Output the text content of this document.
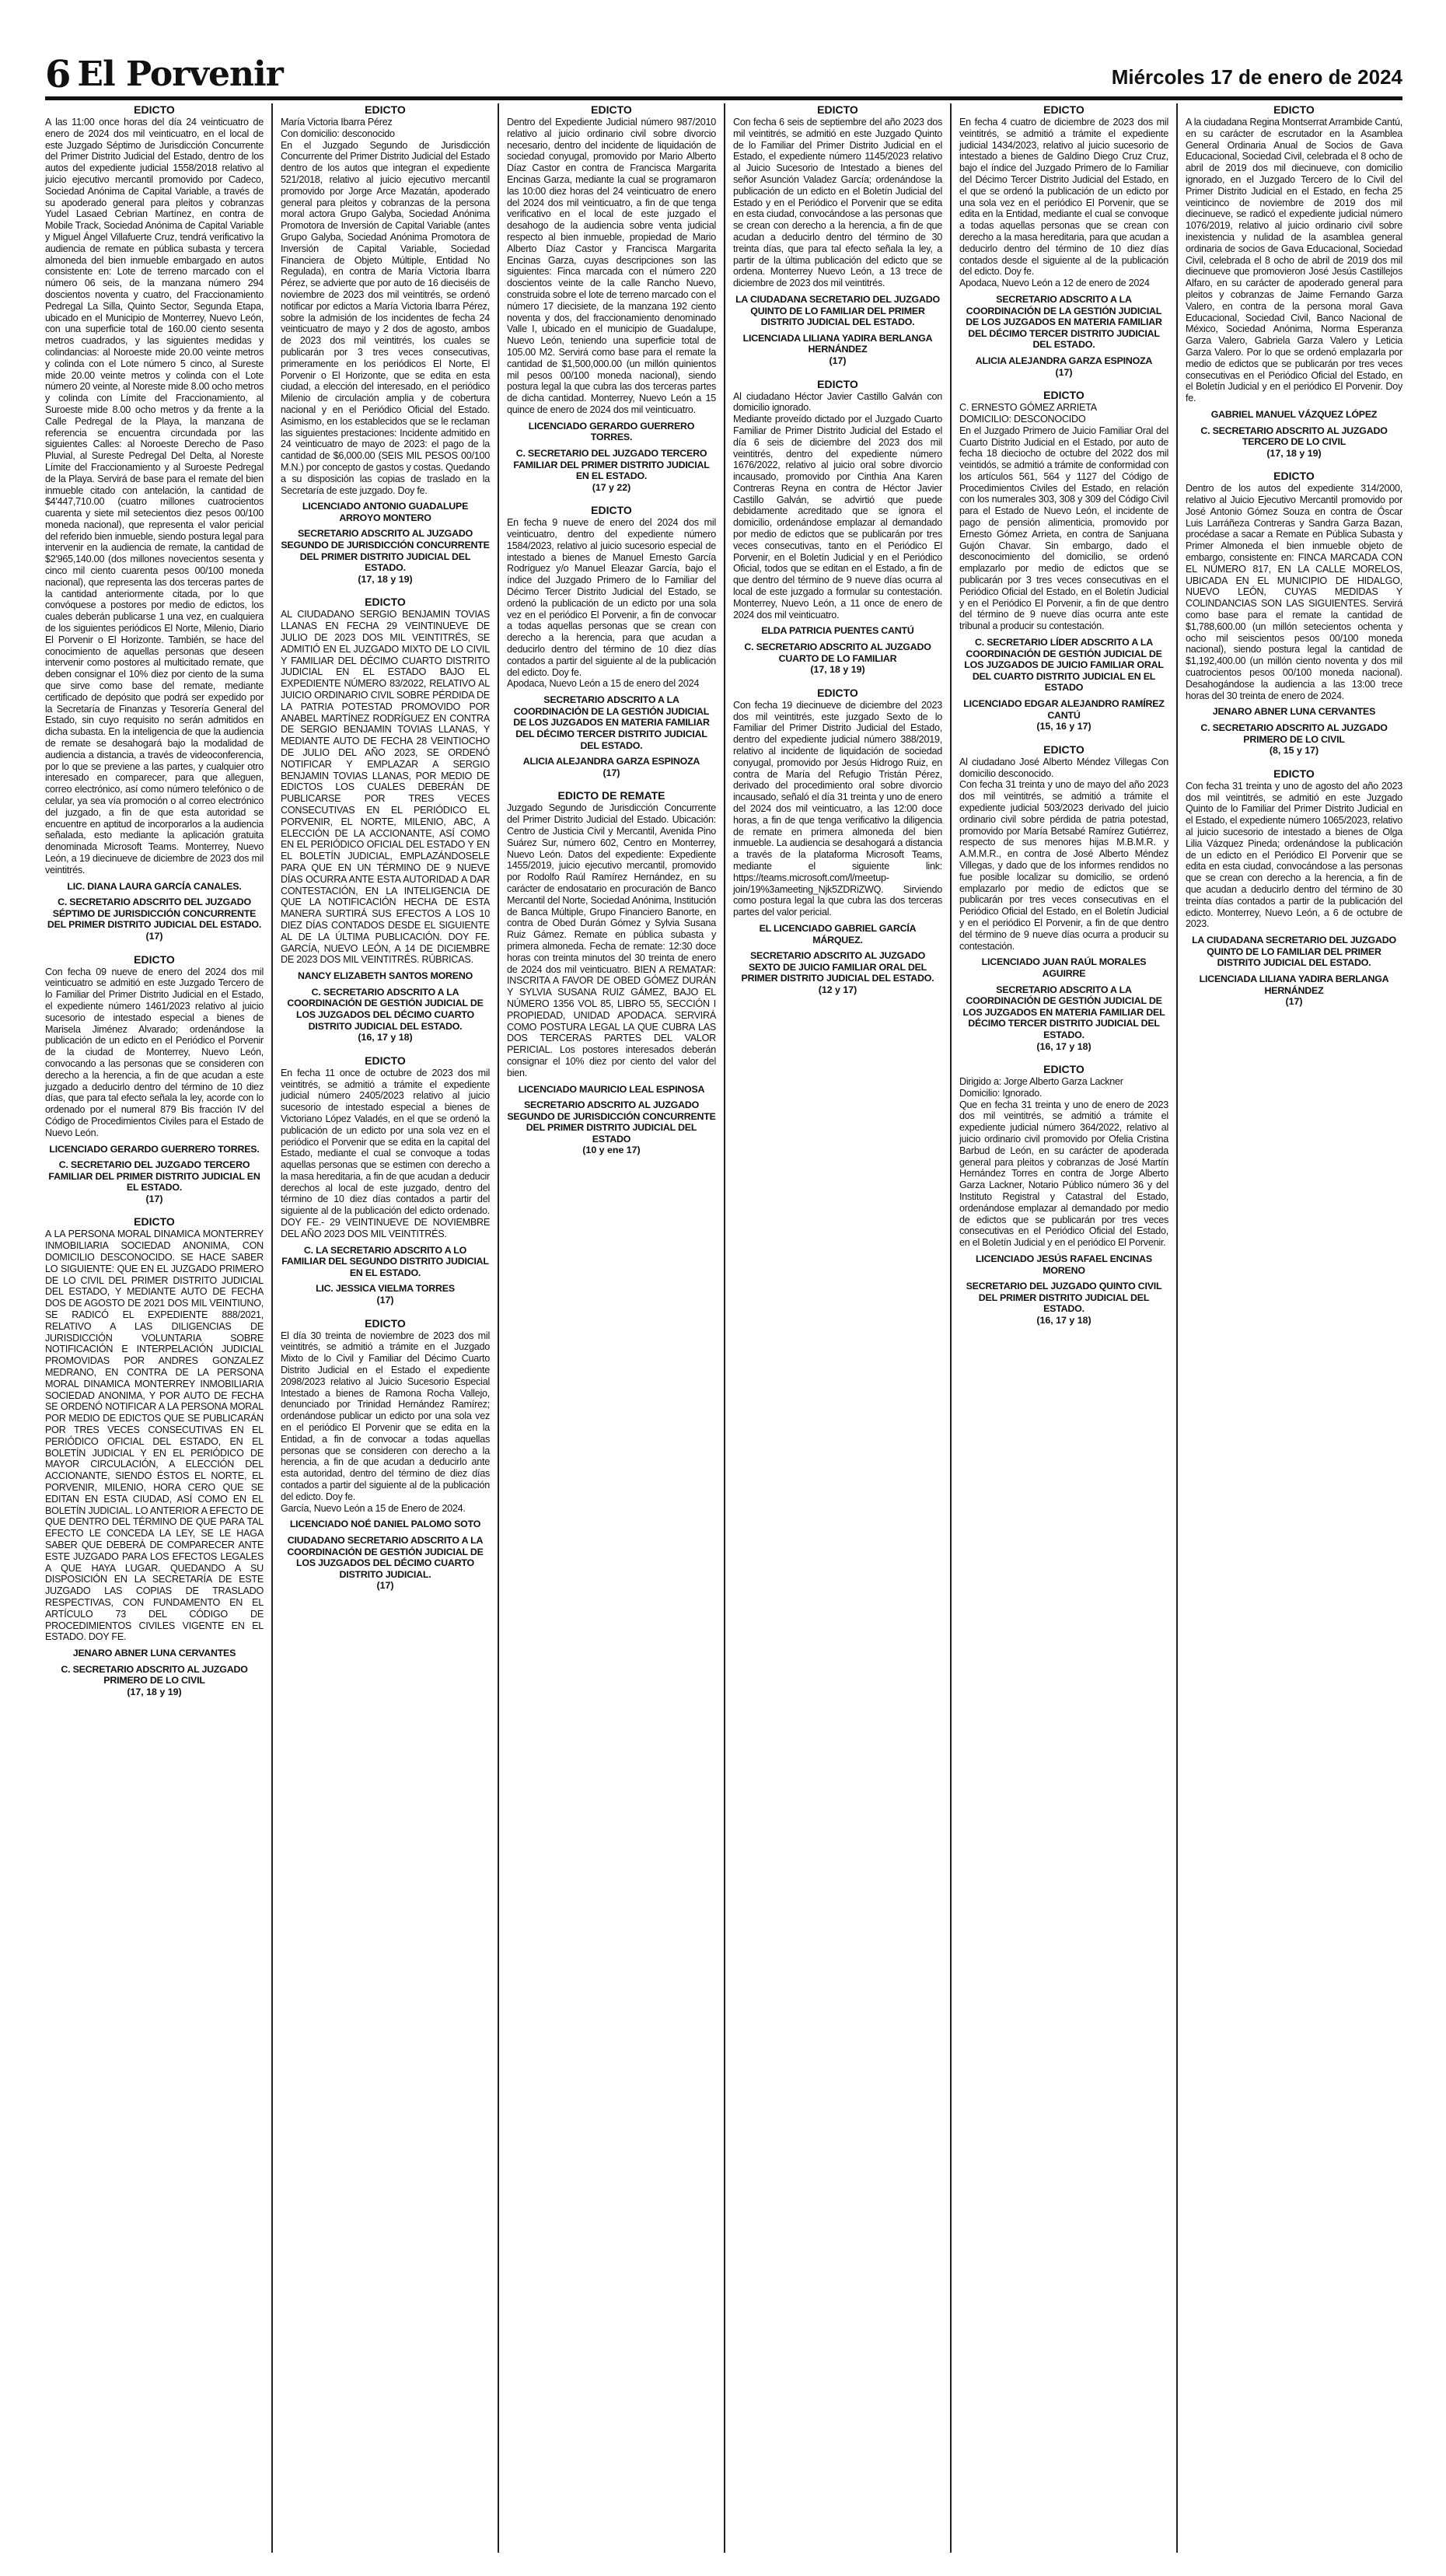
6 El Porvenir	Miércoles 17 de enero de 2024
EDICTO

A las 11:00 once horas del día 24 veinticuatro de enero de 2024 dos mil veinticuatro, en el local de este Juzgado Séptimo de Jurisdicción Concurrente del Primer Distrito Judicial del Estado, dentro de los autos del expediente judicial 1558/2018 relativo al juicio ejecutivo mercantil promovido por Cadeco, Sociedad Anónima de Capital Variable, a través de su apoderado general para pleitos y cobranzas Yudel Lasaed Cebrian Martínez, en contra de Mobile Track, Sociedad Anónima de Capital Variable y Miguel Ángel Villafuerte Cruz, tendrá verificativo la audiencia de remate en pública subasta y tercera almoneda del bien inmueble embargado en autos consistente en: Lote de terreno marcado con el número 06 seis, de la manzana número 294 doscientos noventa y cuatro, del Fraccionamiento Pedregal La Silla, Quinto Sector, Segunda Etapa, ubicado en el Municipio de Monterrey, Nuevo León, con una superficie total de 160.00 ciento sesenta metros cuadrados, y las siguientes medidas y colindancias: al Noroeste mide 20.00 veinte metros y colinda con el Lote número 5 cinco, al Sureste mide 20.00 veinte metros y colinda con el Lote número 20 veinte, al Noreste mide 8.00 ocho metros y colinda con Límite del Fraccionamiento, al Suroeste mide 8.00 ocho metros y da frente a la Calle Pedregal de la Playa, la manzana de referencia se encuentra circundada por las siguientes Calles: al Noroeste Derecho de Paso Pluvial, al Sureste Pedregal Del Delta, al Noreste Límite del Fraccionamiento y al Suroeste Pedregal de la Playa. Servirá de base para el remate del bien inmueble citado con antelación, la cantidad de $4'447,710.00 (cuatro millones cuatrocientos cuarenta y siete mil setecientos diez pesos 00/100 moneda nacional), que representa el valor pericial del referido bien inmueble, siendo postura legal para intervenir en la audiencia de remate, la cantidad de $2'965,140.00 (dos millones novecientos sesenta y cinco mil ciento cuarenta pesos 00/100 moneda nacional), que representa las dos terceras partes de la cantidad anteriormente citada, por lo que convóquese a postores por medio de edictos, los cuales deberán publicarse 1 una vez, en cualquiera de los siguientes periódicos El Norte, Milenio, Diario El Porvenir o El Horizonte. También, se hace del conocimiento de aquellas personas que deseen intervenir como postores al multicitado remate, que deben consignar el 10% diez por ciento de la suma que sirve como base del remate, mediante certificado de depósito que podrá ser expedido por la Secretaría de Finanzas y Tesorería General del Estado, sin cuyo requisito no serán admitidos en dicha subasta. En la inteligencia de que la audiencia de remate se desahogará bajo la modalidad de audiencia a distancia, a través de videoconferencia, por lo que se previene a las partes, y cualquier otro interesado en comparecer, para que alleguen, correo electrónico, así como número telefónico o de celular, ya sea vía promoción o al correo electrónico del juzgado, a fin de que esta autoridad se encuentre en aptitud de incorporarlos a la audiencia señalada, esto mediante la aplicación gratuita denominada Microsoft Teams. Monterrey, Nuevo León, a 19 diecinueve de diciembre de 2023 dos mil veintitrés.

LIC. DIANA LAURA GARCÍA CANALES.
C. SECRETARIO ADSCRITO DEL JUZGADO SÉPTIMO DE JURISDICCIÓN CONCURRENTE DEL PRIMER DISTRITO JUDICIAL DEL ESTADO.
(17)
EDICTO

Con fecha 09 nueve de enero del 2024 dos mil veinticuatro se admitió en este Juzgado Tercero de lo Familiar del Primer Distrito Judicial en el Estado, el expediente número 1461/2023 relativo al juicio sucesorio de intestado especial a bienes de Marisela Jiménez Alvarado; ordenándose la publicación de un edicto en el Periódico el Porvenir de la ciudad de Monterrey, Nuevo León, convocando a las personas que se consideren con derecho a la herencia, a fin de que acudan a este juzgado a deducirlo dentro del término de 10 diez días, que para tal efecto señala la ley, acorde con lo ordenado por el numeral 879 Bis fracción IV del Código de Procedimientos Civiles para el Estado de Nuevo León.

LICENCIADO GERARDO GUERRERO TORRES.
C. SECRETARIO DEL JUZGADO TERCERO FAMILIAR DEL PRIMER DISTRITO JUDICIAL EN EL ESTADO.
(17)
EDICTO

A LA PERSONA MORAL DINAMICA MONTERREY INMOBILIARIA SOCIEDAD ANONIMA, CON DOMICILIO DESCONOCIDO. SE HACE SABER LO SIGUIENTE: QUE EN EL JUZGADO PRIMERO DE LO CIVIL DEL PRIMER DISTRITO JUDICIAL DEL ESTADO, Y MEDIANTE AUTO DE FECHA DOS DE AGOSTO DE 2021 DOS MIL VEINTIUNO, SE RADICÓ EL EXPEDIENTE 888/2021, RELATIVO A LAS DILIGENCIAS DE JURISDICCIÓN VOLUNTARIA SOBRE NOTIFICACIÓN E INTERPELACIÓN JUDICIAL PROMOVIDAS POR ANDRES GONZALEZ MEDRANO, EN CONTRA DE LA PERSONA MORAL DINAMICA MONTERREY INMOBILIARIA SOCIEDAD ANONIMA, Y POR AUTO DE FECHA SE ORDENÓ NOTIFICAR A LA PERSONA MORAL POR MEDIO DE EDICTOS QUE SE PUBLICARÁN POR TRES VECES CONSECUTIVAS EN EL PERIÓDICO OFICIAL DEL ESTADO, EN EL BOLETÍN JUDICIAL Y EN EL PERIÓDICO DE MAYOR CIRCULACIÓN, A ELECCIÓN DEL ACCIONANTE, SIENDO ÉSTOS EL NORTE, EL PORVENIR, MILENIO, HORA CERO QUE SE EDITAN EN ESTA CIUDAD, ASÍ COMO EN EL BOLETÍN JUDICIAL. LO ANTERIOR A EFECTO DE QUE DENTRO DEL TÉRMINO DE QUE PARA TAL EFECTO LE CONCEDA LA LEY, SE LE HAGA SABER QUE DEBERÁ DE COMPARECER ANTE ESTE JUZGADO PARA LOS EFECTOS LEGALES A QUE HAYA LUGAR. QUEDANDO A SU DISPOSICIÓN EN LA SECRETARÍA DE ESTE JUZGADO LAS COPIAS DE TRASLADO RESPECTIVAS, CON FUNDAMENTO EN EL ARTÍCULO 73 DEL CÓDIGO DE PROCEDIMIENTOS CIVILES VIGENTE EN EL ESTADO. DOY FE.

JENARO ABNER LUNA CERVANTES
C. SECRETARIO ADSCRITO AL JUZGADO PRIMERO DE LO CIVIL
(17, 18 y 19)
EDICTO

María Victoria Ibarra Pérez

Con domicilio: desconocido

En el Juzgado Segundo de Jurisdicción Concurrente del Primer Distrito Judicial del Estado dentro de los autos que integran el expediente 521/2018, relativo al juicio ejecutivo mercantil promovido por Jorge Arce Mazatán, apoderado general para pleitos y cobranzas de la persona moral actora Grupo Galyba, Sociedad Anónima Promotora de Inversión de Capital Variable (antes Grupo Galyba, Sociedad Anónima Promotora de Inversión de Capital Variable, Sociedad Financiera de Objeto Múltiple, Entidad No Regulada), en contra de María Victoria Ibarra Pérez, se advierte que por auto de 16 dieciséis de noviembre de 2023 dos mil veintitrés, se ordenó notificar por edictos a María Victoria Ibarra Pérez, sobre la admisión de los incidentes de fecha 24 veinticuatro de mayo y 2 dos de agosto, ambos de 2023 dos mil veintitrés, los cuales se publicarán por 3 tres veces consecutivas, primeramente en los periódicos El Norte, El Porvenir o El Horizonte, que se edita en esta ciudad, a elección del interesado, en el periódico Milenio de circulación amplia y de cobertura nacional y en el Periódico Oficial del Estado. Asimismo, en los establecidos que se le reclaman las siguientes prestaciones: Incidente admitido en 24 veinticuatro de mayo de 2023: el pago de la cantidad de $6,000.00 (SEIS MIL PESOS 00/100 M.N.) por concepto de gastos y costas. Quedando a su disposición las copias de traslado en la Secretaría de este juzgado. Doy fe.

LICENCIADO ANTONIO GUADALUPE ARROYO MONTERO
SECRETARIO ADSCRITO AL JUZGADO SEGUNDO DE JURISDICCIÓN CONCURRENTE DEL PRIMER DISTRITO JUDICIAL DEL ESTADO.
(17, 18 y 19)
EDICTO

AL CIUDADANO SERGIO BENJAMIN TOVIAS LLANAS EN FECHA 29 VEINTINUEVE DE JULIO DE 2023 DOS MIL VEINTITRÉS, SE ADMITIÓ EN EL JUZGADO MIXTO DE LO CIVIL Y FAMILIAR DEL DÉCIMO CUARTO DISTRITO JUDICIAL EN EL ESTADO BAJO EL EXPEDIENTE NÚMERO 83/2022, RELATIVO AL JUICIO ORDINARIO CIVIL SOBRE PÉRDIDA DE LA PATRIA POTESTAD PROMOVIDO POR ANABEL MARTÍNEZ RODRÍGUEZ EN CONTRA DE SERGIO BENJAMIN TOVIAS LLANAS, Y MEDIANTE AUTO DE FECHA 28 VEINTIOCHO DE JULIO DEL AÑO 2023, SE ORDENÓ NOTIFICAR Y EMPLAZAR A SERGIO BENJAMIN TOVIAS LLANAS, POR MEDIO DE EDICTOS LOS CUALES DEBERÁN DE PUBLICARSE POR TRES VECES CONSECUTIVAS EN EL PERIÓDICO EL PORVENIR, EL NORTE, MILENIO, ABC, A ELECCIÓN DE LA ACCIONANTE, ASÍ COMO EN EL PERIÓDICO OFICIAL DEL ESTADO Y EN EL BOLETÍN JUDICIAL, EMPLAZÁNDOSELE PARA QUE EN UN TÉRMINO DE 9 NUEVE DÍAS OCURRA ANTE ESTA AUTORIDAD A DAR CONTESTACIÓN, EN LA INTELIGENCIA DE QUE LA NOTIFICACIÓN HECHA DE ESTA MANERA SURTIRÁ SUS EFECTOS A LOS 10 DIEZ DÍAS CONTADOS DESDE EL SIGUIENTE AL DE LA ÚLTIMA PUBLICACIÓN. DOY FE. GARCÍA, NUEVO LEÓN, A 14 DE DICIEMBRE DE 2023 DOS MIL VEINTITRÉS. RÚBRICAS.

NANCY ELIZABETH SANTOS MORENO
C. SECRETARIO ADSCRITO A LA COORDINACIÓN DE GESTIÓN JUDICIAL DE LOS JUZGADOS DEL DÉCIMO CUARTO DISTRITO JUDICIAL DEL ESTADO.
(16, 17 y 18)
EDICTO

En fecha 11 once de octubre de 2023 dos mil veintitrés, se admitió a trámite el expediente judicial número 2405/2023 relativo al juicio sucesorio de intestado especial a bienes de Victoriano López Valadés, en el que se ordenó la publicación de un edicto por una sola vez en el periódico el Porvenir que se edita en la capital del Estado, mediante el cual se convoque a todas aquellas personas que se estimen con derecho a la masa hereditaria, a fin de que acudan a deducir derechos al local de este juzgado, dentro del término de 10 diez días contados a partir del siguiente al de la publicación del edicto ordenado. DOY FE.- 29 VEINTINUEVE DE NOVIEMBRE DEL AÑO 2023 DOS MIL VEINTITRÉS.

C. LA SECRETARIO ADSCRITO A LO FAMILIAR DEL SEGUNDO DISTRITO JUDICIAL EN EL ESTADO.
LIC. JESSICA VIELMA TORRES
(17)
EDICTO

El día 30 treinta de noviembre de 2023 dos mil veintitrés, se admitió a trámite en el Juzgado Mixto de lo Civil y Familiar del Décimo Cuarto Distrito Judicial en el Estado el expediente 2098/2023 relativo al Juicio Sucesorio Especial Intestado a bienes de Ramona Rocha Vallejo, denunciado por Trinidad Hernández Ramírez; ordenándose publicar un edicto por una sola vez en el periódico El Porvenir que se edita en la Entidad, a fin de convocar a todas aquellas personas que se consideren con derecho a la herencia, a fin de que acudan a deducirlo ante esta autoridad, dentro del término de diez días contados a partir del siguiente al de la publicación del edicto. Doy fe.

García, Nuevo León a 15 de Enero de 2024.

LICENCIADO NOÉ DANIEL PALOMO SOTO
CIUDADANO SECRETARIO ADSCRITO A LA COORDINACIÓN DE GESTIÓN JUDICIAL DE LOS JUZGADOS DEL DÉCIMO CUARTO DISTRITO JUDICIAL.
(17)
EDICTO

Dentro del Expediente Judicial número 987/2010 relativo al juicio ordinario civil sobre divorcio necesario, dentro del incidente de liquidación de sociedad conyugal, promovido por Mario Alberto Díaz Castor en contra de Francisca Margarita Encinas Garza, mediante la cual se programaron las 10:00 diez horas del 24 veinticuatro de enero del 2024 dos mil veinticuatro, a fin de que tenga verificativo en el local de este juzgado el desahogo de la audiencia sobre venta judicial respecto al bien inmueble, propiedad de Mario Alberto Díaz Castor y Francisca Margarita Encinas Garza, cuyas descripciones son las siguientes: Finca marcada con el número 220 doscientos veinte de la calle Rancho Nuevo, construida sobre el lote de terreno marcado con el número 17 diecisiete, de la manzana 192 ciento noventa y dos, del fraccionamiento denominado Valle I, ubicado en el municipio de Guadalupe, Nuevo León, teniendo una superficie total de 105.00 M2. Servirá como base para el remate la cantidad de $1,500,000.00 (un millón quinientos mil pesos 00/100 moneda nacional), siendo postura legal la que cubra las dos terceras partes de dicha cantidad. Monterrey, Nuevo León a 15 quince de enero de 2024 dos mil veinticuatro.

LICENCIADO GERARDO GUERRERO TORRES.
C. SECRETARIO DEL JUZGADO TERCERO FAMILIAR DEL PRIMER DISTRITO JUDICIAL EN EL ESTADO.
(17 y 22)
EDICTO

En fecha 9 nueve de enero del 2024 dos mil veinticuatro, dentro del expediente número 1584/2023, relativo al juicio sucesorio especial de intestado a bienes de Manuel Ernesto García Rodríguez y/o Manuel Eleazar García, bajo el índice del Juzgado Primero de lo Familiar del Décimo Tercer Distrito Judicial del Estado, se ordenó la publicación de un edicto por una sola vez en el periódico El Porvenir, a fin de convocar a todas aquellas personas que se crean con derecho a la herencia, para que acudan a deducirlo dentro del término de 10 diez días contados a partir del siguiente al de la publicación del edicto. Doy fe.

Apodaca, Nuevo León a 15 de enero del 2024

SECRETARIO ADSCRITO A LA COORDINACIÓN DE LA GESTIÓN JUDICIAL DE LOS JUZGADOS EN MATERIA FAMILIAR DEL DÉCIMO TERCER DISTRITO JUDICIAL DEL ESTADO.
ALICIA ALEJANDRA GARZA ESPINOZA
(17)
EDICTO DE REMATE

Juzgado Segundo de Jurisdicción Concurrente del Primer Distrito Judicial del Estado. Ubicación: Centro de Justicia Civil y Mercantil, Avenida Pino Suárez Sur, número 602, Centro en Monterrey, Nuevo León. Datos del expediente: Expediente 1455/2019, juicio ejecutivo mercantil, promovido por Rodolfo Raúl Ramírez Hernández, en su carácter de endosatario en procuración de Banco Mercantil del Norte, Sociedad Anónima, Institución de Banca Múltiple, Grupo Financiero Banorte, en contra de Obed Durán Gómez y Sylvia Susana Ruiz Gámez. Remate en pública subasta y primera almoneda. Fecha de remate: 12:30 doce horas con treinta minutos del 30 treinta de enero de 2024 dos mil veinticuatro. BIEN A REMATAR: INSCRITA A FAVOR DE OBED GÓMEZ DURÁN Y SYLVIA SUSANA RUIZ GÁMEZ, BAJO EL NÚMERO 1356 VOL 85, LIBRO 55, SECCIÓN I PROPIEDAD, UNIDAD APODACA. SERVIRÁ COMO POSTURA LEGAL LA QUE CUBRA LAS DOS TERCERAS PARTES DEL VALOR PERICIAL. Los postores interesados deberán consignar el 10% diez por ciento del valor del bien.

LICENCIADO MAURICIO LEAL ESPINOSA
SECRETARIO ADSCRITO AL JUZGADO SEGUNDO DE JURISDICCIÓN CONCURRENTE DEL PRIMER DISTRITO JUDICIAL DEL ESTADO
(10 y ene 17)
EDICTO

Con fecha 6 seis de septiembre del año 2023 dos mil veintitrés, se admitió en este Juzgado Quinto de lo Familiar del Primer Distrito Judicial en el Estado, el expediente número 1145/2023 relativo al Juicio Sucesorio de Intestado a bienes del señor Asunción Valadez García; ordenándose la publicación de un edicto en el Boletín Judicial del Estado y en el Periódico el Porvenir que se edita en esta ciudad, convocándose a las personas que se crean con derecho a la herencia, a fin de que acudan a deducirlo dentro del término de 30 treinta días, que para tal efecto señala la ley, a partir de la última publicación del edicto que se ordena. Monterrey Nuevo León, a 13 trece de diciembre de 2023 dos mil veintitrés.

LA CIUDADANA SECRETARIO DEL JUZGADO QUINTO DE LO FAMILIAR DEL PRIMER DISTRITO JUDICIAL DEL ESTADO.
LICENCIADA LILIANA YADIRA BERLANGA HERNÁNDEZ
(17)
EDICTO

Al ciudadano Héctor Javier Castillo Galván con domicilio ignorado.

Mediante proveído dictado por el Juzgado Cuarto Familiar de Primer Distrito Judicial del Estado el día 6 seis de diciembre del 2023 dos mil veintitrés, dentro del expediente número 1676/2022, relativo al juicio oral sobre divorcio incausado, promovido por Cinthia Ana Karen Contreras Reyna en contra de Héctor Javier Castillo Galván, se advirtió que puede debidamente acreditado que se ignora el domicilio, ordenándose emplazar al demandado por medio de edictos que se publicarán por tres veces consecutivas, tanto en el Periódico El Porvenir, en el Boletín Judicial y en el Periódico Oficial, todos que se editan en el Estado, a fin de que dentro del término de 9 nueve días ocurra al local de este juzgado a formular su contestación. Monterrey, Nuevo León, a 11 once de enero de 2024 dos mil veinticuatro.

ELDA PATRICIA PUENTES CANTÚ
C. SECRETARIO ADSCRITO AL JUZGADO CUARTO DE LO FAMILIAR
(17, 18 y 19)
EDICTO

Con fecha 19 diecinueve de diciembre del 2023 dos mil veintitrés, este juzgado Sexto de lo Familiar del Primer Distrito Judicial del Estado, dentro del expediente judicial número 388/2019, relativo al incidente de liquidación de sociedad conyugal, promovido por Jesús Hidrogo Ruiz, en contra de María del Refugio Tristán Pérez, derivado del procedimiento oral sobre divorcio incausado, señaló el día 31 treinta y uno de enero del 2024 dos mil veinticuatro, a las 12:00 doce horas, a fin de que tenga verificativo la diligencia de remate en primera almoneda del bien inmueble. La audiencia se desahogará a distancia a través de la plataforma Microsoft Teams, mediante el siguiente link: https://teams.microsoft.com/l/meetup-join/19%3ameeting_Njk5ZDRiZWQ. Sirviendo como postura legal la que cubra las dos terceras partes del valor pericial.

EL LICENCIADO GABRIEL GARCÍA MÁRQUEZ.
SECRETARIO ADSCRITO AL JUZGADO SEXTO DE JUICIO FAMILIAR ORAL DEL PRIMER DISTRITO JUDICIAL DEL ESTADO.
(12 y 17)
EDICTO

En fecha 4 cuatro de diciembre de 2023 dos mil veintitrés, se admitió a trámite el expediente judicial 1434/2023, relativo al juicio sucesorio de intestado a bienes de Galdino Diego Cruz Cruz, bajo el índice del Juzgado Primero de lo Familiar del Décimo Tercer Distrito Judicial del Estado, en el que se ordenó la publicación de un edicto por una sola vez en el periódico El Porvenir, que se edita en la Entidad, mediante el cual se convoque a todas aquellas personas que se crean con derecho a la masa hereditaria, para que acudan a deducirlo dentro del término de 10 diez días contados desde el siguiente al de la publicación del edicto. Doy fe.

Apodaca, Nuevo León a 12 de enero de 2024

SECRETARIO ADSCRITO A LA COORDINACIÓN DE LA GESTIÓN JUDICIAL DE LOS JUZGADOS EN MATERIA FAMILIAR DEL DÉCIMO TERCER DISTRITO JUDICIAL DEL ESTADO.
ALICIA ALEJANDRA GARZA ESPINOZA
(17)
EDICTO

C. ERNESTO GÓMEZ ARRIETA

DOMICILIO: DESCONOCIDO

En el Juzgado Primero de Juicio Familiar Oral del Cuarto Distrito Judicial en el Estado, por auto de fecha 18 dieciocho de octubre del 2022 dos mil veintidós, se admitió a trámite de conformidad con los artículos 561, 564 y 1127 del Código de Procedimientos Civiles del Estado, en relación con los numerales 303, 308 y 309 del Código Civil para el Estado de Nuevo León, el incidente de pago de pensión alimenticia, promovido por Ernesto Gómez Arrieta, en contra de Sanjuana Gujón Chavar. Sin embargo, dado el desconocimiento del domicilio, se ordenó emplazarlo por medio de edictos que se publicarán por 3 tres veces consecutivas en el Periódico Oficial del Estado, en el Boletín Judicial y en el Periódico El Porvenir, a fin de que dentro del término de 9 nueve días ocurra ante este tribunal a producir su contestación.

C. SECRETARIO LÍDER ADSCRITO A LA COORDINACIÓN DE GESTIÓN JUDICIAL DE LOS JUZGADOS DE JUICIO FAMILIAR ORAL DEL CUARTO DISTRITO JUDICIAL EN EL ESTADO
LICENCIADO EDGAR ALEJANDRO RAMÍREZ CANTÚ
(15, 16 y 17)
EDICTO

Al ciudadano José Alberto Méndez Villegas Con domicilio desconocido.

Con fecha 31 treinta y uno de mayo del año 2023 dos mil veintitrés, se admitió a trámite el expediente judicial 503/2023 derivado del juicio ordinario civil sobre pérdida de patria potestad, promovido por María Betsabé Ramírez Gutiérrez, respecto de sus menores hijas M.B.M.R. y A.M.M.R., en contra de José Alberto Méndez Villegas, y dado que de los informes rendidos no fue posible localizar su domicilio, se ordenó emplazarlo por medio de edictos que se publicarán por tres veces consecutivas en el Periódico Oficial del Estado, en el Boletín Judicial y en el periódico El Porvenir, a fin de que dentro del término de 9 nueve días ocurra a producir su contestación.

LICENCIADO JUAN RAÚL MORALES AGUIRRE
SECRETARIO ADSCRITO A LA COORDINACIÓN DE GESTIÓN JUDICIAL DE LOS JUZGADOS EN MATERIA FAMILIAR DEL DÉCIMO TERCER DISTRITO JUDICIAL DEL ESTADO.
(16, 17 y 18)
EDICTO

Dirigido a: Jorge Alberto Garza Lackner

Domicilio: Ignorado.

Que en fecha 31 treinta y uno de enero de 2023 dos mil veintitrés, se admitió a trámite el expediente judicial número 364/2022, relativo al juicio ordinario civil promovido por Ofelia Cristina Barbud de León, en su carácter de apoderada general para pleitos y cobranzas de José Martín Hernández Torres en contra de Jorge Alberto Garza Lackner, Notario Público número 36 y del Instituto Registral y Catastral del Estado, ordenándose emplazar al demandado por medio de edictos que se publicarán por tres veces consecutivas en el Periódico Oficial del Estado, en el Boletín Judicial y en el periódico El Porvenir.

LICENCIADO JESÚS RAFAEL ENCINAS MORENO
SECRETARIO DEL JUZGADO QUINTO CIVIL DEL PRIMER DISTRITO JUDICIAL DEL ESTADO.
(16, 17 y 18)
EDICTO

A la ciudadana Regina Montserrat Arrambide Cantú, en su carácter de escrutador en la Asamblea General Ordinaria Anual de Socios de Gava Educacional, Sociedad Civil, celebrada el 8 ocho de abril de 2019 dos mil diecinueve, con domicilio ignorado, en el Juzgado Tercero de lo Civil del Primer Distrito Judicial en el Estado, en fecha 25 veinticinco de noviembre de 2019 dos mil diecinueve, se radicó el expediente judicial número 1076/2019, relativo al juicio ordinario civil sobre inexistencia y nulidad de la asamblea general ordinaria de socios de Gava Educacional, Sociedad Civil, celebrada el 8 ocho de abril de 2019 dos mil diecinueve que promovieron José Jesús Castillejos Alfaro, en su carácter de apoderado general para pleitos y cobranzas de Jaime Fernando Garza Valero, en contra de la persona moral Gava Educacional, Sociedad Civil, Banco Nacional de México, Sociedad Anónima, Norma Esperanza Garza Valero, Gabriela Garza Valero y Leticia Garza Valero. Por lo que se ordenó emplazarla por medio de edictos que se publicarán por tres veces consecutivas en el Periódico Oficial del Estado, en el Boletín Judicial y en el periódico El Porvenir. Doy fe.

GABRIEL MANUEL VÁZQUEZ LÓPEZ
C. SECRETARIO ADSCRITO AL JUZGADO TERCERO DE LO CIVIL
(17, 18 y 19)
EDICTO

Dentro de los autos del expediente 314/2000, relativo al Juicio Ejecutivo Mercantil promovido por José Antonio Gómez Souza en contra de Óscar Luis Larráñeza Contreras y Sandra Garza Bazan, procédase a sacar a Remate en Pública Subasta y Primer Almoneda el bien inmueble objeto de embargo, consistente en: FINCA MARCADA CON EL NÚMERO 817, EN LA CALLE MORELOS, UBICADA EN EL MUNICIPIO DE HIDALGO, NUEVO LEÓN, CUYAS MEDIDAS Y COLINDANCIAS SON LAS SIGUIENTES. Servirá como base para el remate la cantidad de $1,788,600.00 (un millón setecientos ochenta y ocho mil seiscientos pesos 00/100 moneda nacional), siendo postura legal la cantidad de $1,192,400.00 (un millón ciento noventa y dos mil cuatrocientos pesos 00/100 moneda nacional). Desahogándose la audiencia a las 13:00 trece horas del 30 treinta de enero de 2024.

JENARO ABNER LUNA CERVANTES
C. SECRETARIO ADSCRITO AL JUZGADO PRIMERO DE LO CIVIL
(8, 15 y 17)
EDICTO

Con fecha 31 treinta y uno de agosto del año 2023 dos mil veintitrés, se admitió en este Juzgado Quinto de lo Familiar del Primer Distrito Judicial en el Estado, el expediente número 1065/2023, relativo al juicio sucesorio de intestado a bienes de Olga Lilia Vázquez Pineda; ordenándose la publicación de un edicto en el Periódico El Porvenir que se edita en esta ciudad, convocándose a las personas que se crean con derecho a la herencia, a fin de que acudan a deducirlo dentro del término de 30 treinta días contados a partir de la publicación del edicto. Monterrey, Nuevo León, a 6 de octubre de 2023.

LA CIUDADANA SECRETARIO DEL JUZGADO QUINTO DE LO FAMILIAR DEL PRIMER DISTRITO JUDICIAL DEL ESTADO.
LICENCIADA LILIANA YADIRA BERLANGA HERNÁNDEZ
(17)
